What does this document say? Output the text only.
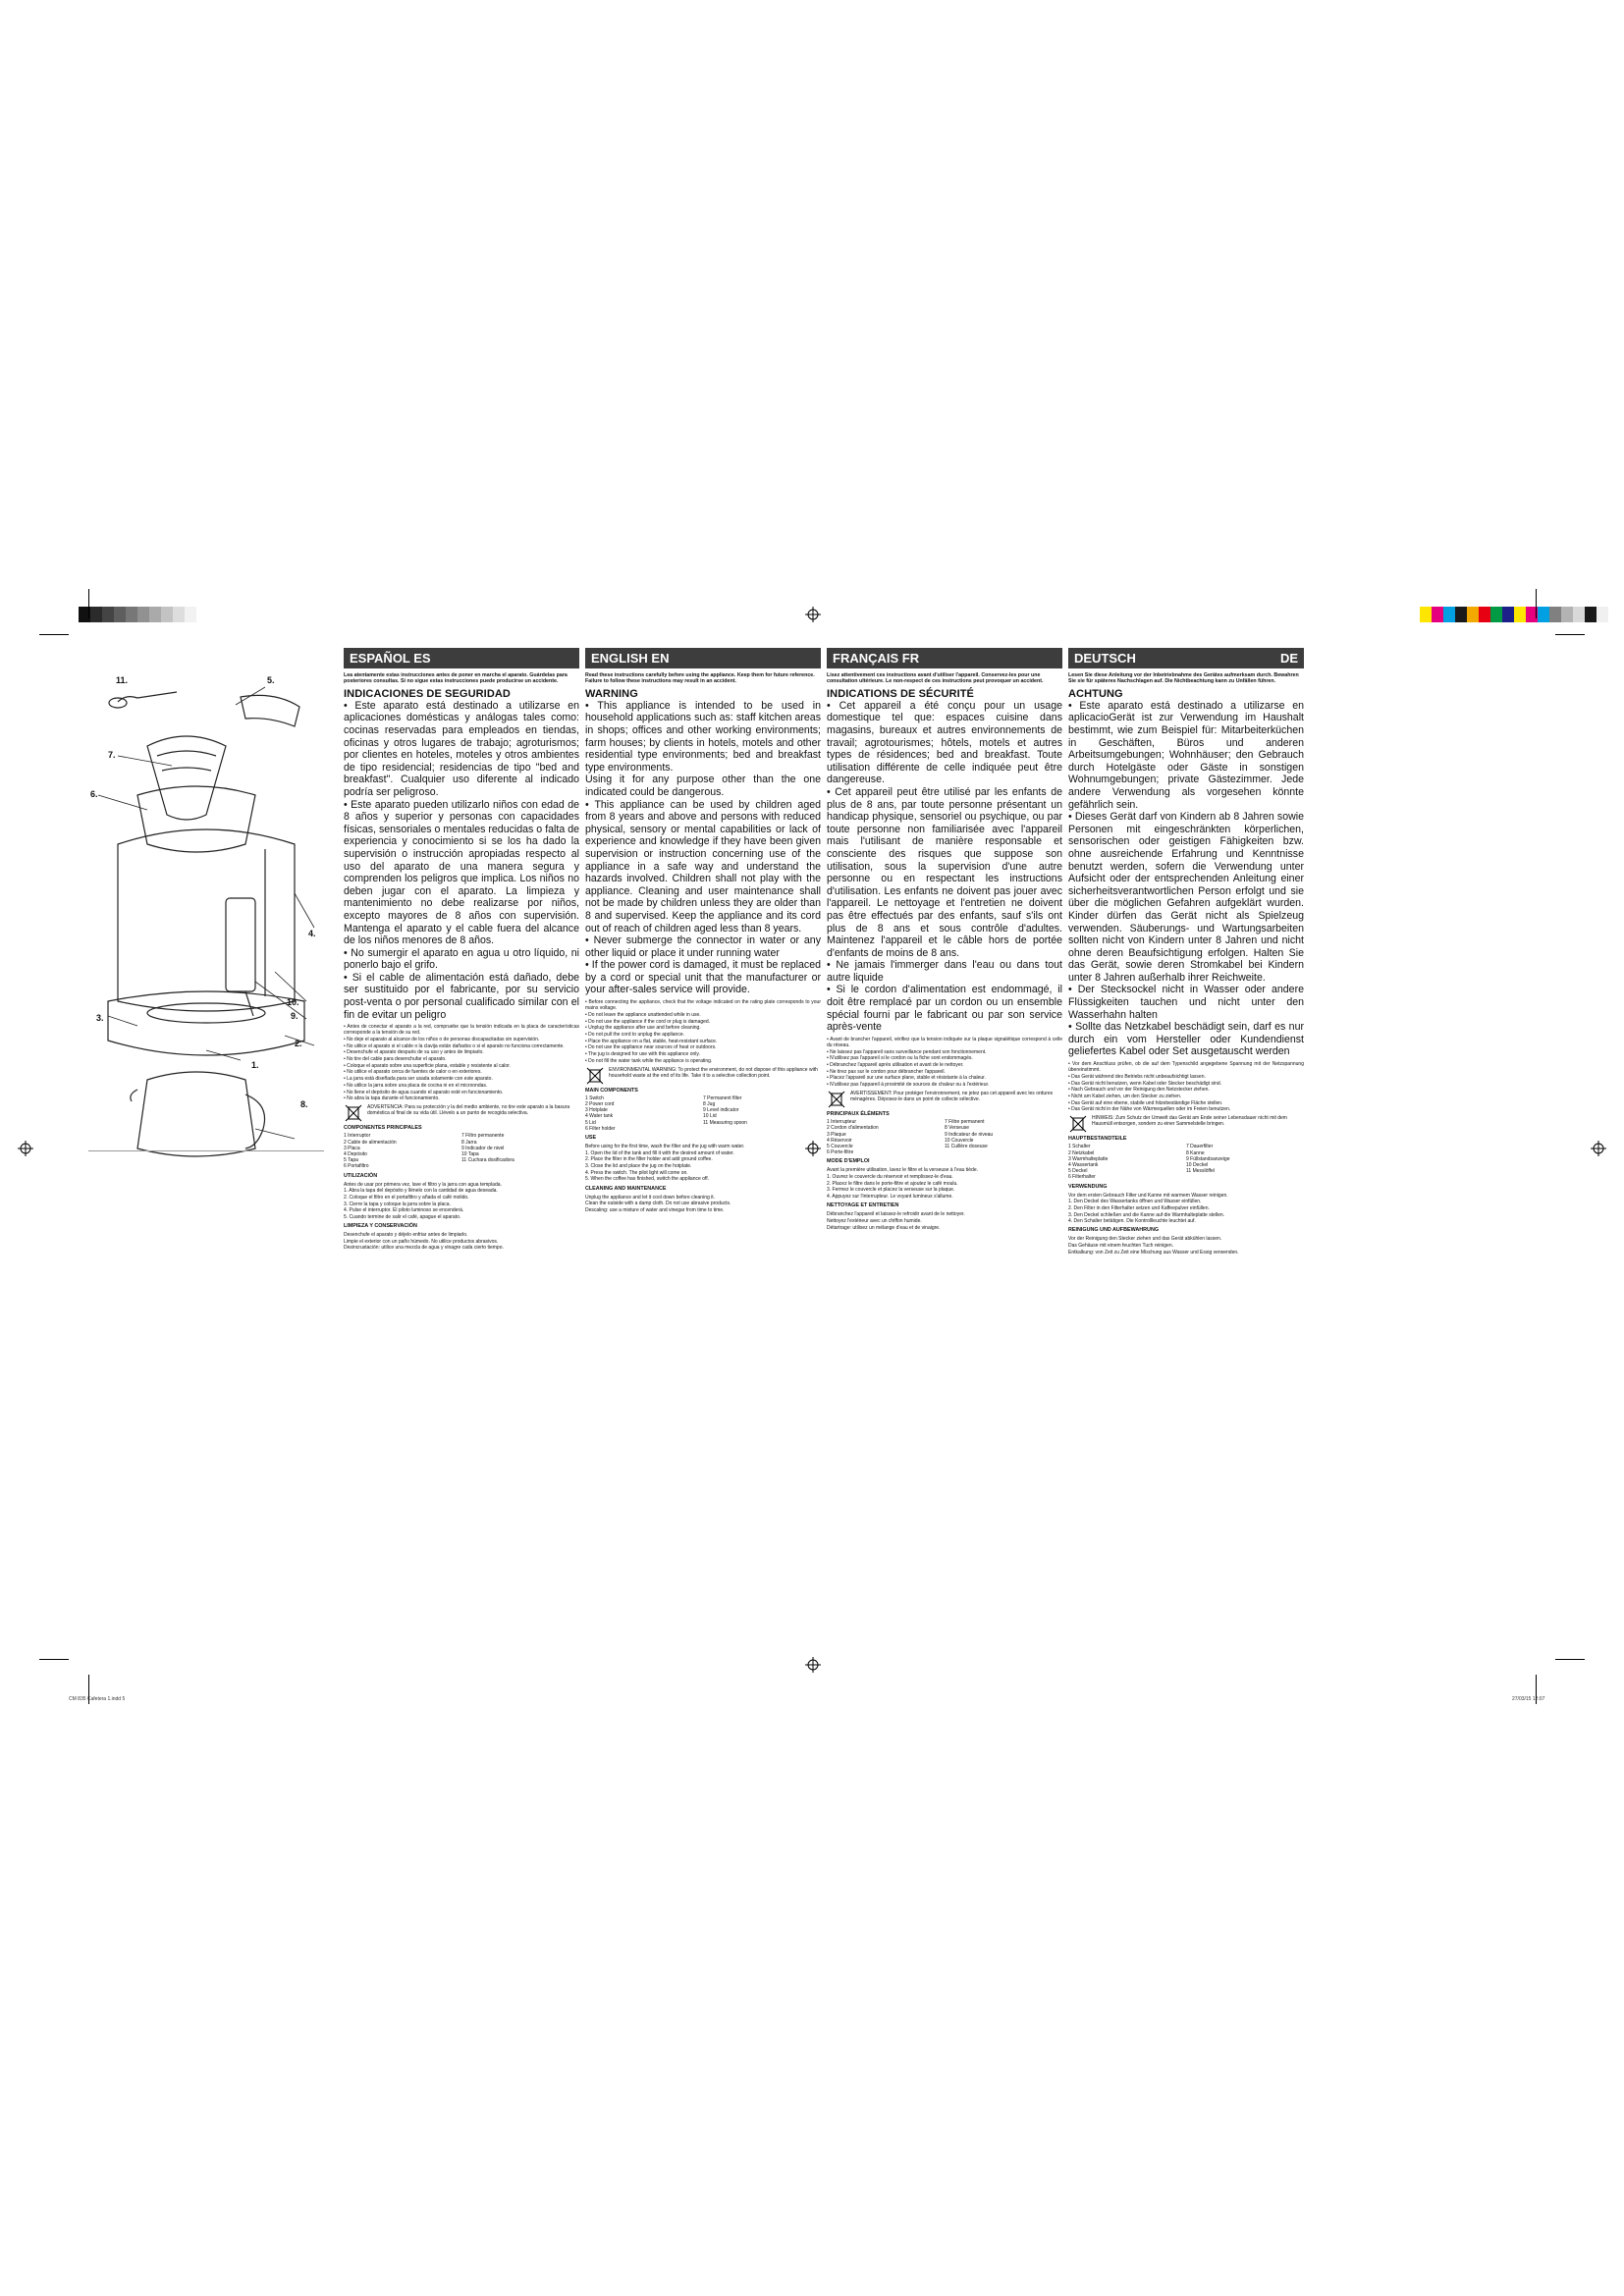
CM 835 Cafetera 1.indd 5	27/03/15 12:07
11.	5.
7.
6.
4.
10.
9.
2.
3.
1.
8.
ESPAÑOL ES
Lea atentamente estas instrucciones antes de poner en marcha el aparato. Guárdelas para posteriores consultas. Si no sigue estas instrucciones puede producirse un accidente.
INDICACIONES DE SEGURIDAD

• Este aparato está destinado a utilizarse en aplicaciones domésticas y análogas tales como: cocinas reservadas para empleados en tiendas, oficinas y otros lugares de trabajo; agroturismos; por clientes en hoteles, moteles y otros ambientes de tipo residencial; residencias de tipo "bed and breakfast". Cualquier uso diferente al indicado podría ser peligroso.

• Este aparato pueden utilizarlo niños con edad de 8 años y superior y personas con capacidades físicas, sensoriales o mentales reducidas o falta de experiencia y conocimiento si se los ha dado la supervisión o instrucción apropiadas respecto al uso del aparato de una manera segura y comprenden los peligros que implica. Los niños no deben jugar con el aparato. La limpieza y mantenimiento no debe realizarse por niños, excepto mayores de 8 años con supervisión. Mantenga el aparato y el cable fuera del alcance de los niños menores de 8 años.

• No sumergir el aparato en agua u otro líquido, ni ponerlo bajo el grifo.

• Si el cable de alimentación está dañado, debe ser sustituido por el fabricante, por su servicio post-venta o por personal cualificado similar con el fin de evitar un peligro

• Antes de conectar el aparato a la red, compruebe que la tensión indicada en la placa de características corresponde a la tensión de su red.

• No deje el aparato al alcance de los niños o de personas discapacitadas sin supervisión.

• No utilice el aparato si el cable o la clavija están dañados o si el aparato no funciona correctamente.

• Desenchufe el aparato después de su uso y antes de limpiarlo.

• No tire del cable para desenchufar el aparato.

• Coloque el aparato sobre una superficie plana, estable y resistente al calor.

• No utilice el aparato cerca de fuentes de calor o en exteriores.

• La jarra está diseñada para ser usada solamente con este aparato.

• No utilice la jarra sobre una placa de cocina ni en el microondas.

• No llene el depósito de agua cuando el aparato esté en funcionamiento.

• No abra la tapa durante el funcionamiento.

ADVERTENCIA: Para su protección y la del medio ambiente, no tire este aparato a la basura doméstica al final de su vida útil. Llévelo a un punto de recogida selectiva.
COMPONENTES PRINCIPALES
1 Interruptor	7 Filtro permanente
2 Cable de alimentación	8 Jarra
3 Placa	9 Indicador de nivel
4 Depósito	10 Tapa
5 Tapa	11 Cuchara dosificadora
6 Portafiltro
UTILIZACIÓN

Antes de usar por primera vez, lave el filtro y la jarra con agua templada.

1. Abra la tapa del depósito y llénelo con la cantidad de agua deseada.

2. Coloque el filtro en el portafiltro y añada el café molido.

3. Cierre la tapa y coloque la jarra sobre la placa.

4. Pulse el interruptor. El piloto luminoso se encenderá.

5. Cuando termine de salir el café, apague el aparato.

LIMPIEZA Y CONSERVACIÓN

Desenchufe el aparato y déjelo enfriar antes de limpiarlo.

Limpie el exterior con un paño húmedo. No utilice productos abrasivos.

Desincrustación: utilice una mezcla de agua y vinagre cada cierto tiempo.

ENGLISH EN
Read these instructions carefully before using the appliance. Keep them for future reference. Failure to follow these instructions may result in an accident.
WARNING

• This appliance is intended to be used in household applications such as: staff kitchen areas in shops; offices and other working environments; farm houses; by clients in hotels, motels and other residential type environments; bed and breakfast type environments.

Using it for any purpose other than the one indicated could be dangerous.

• This appliance can be used by children aged from 8 years and above and persons with reduced physical, sensory or mental capabilities or lack of experience and knowledge if they have been given supervision or instruction concerning use of the appliance in a safe way and understand the hazards involved. Children shall not play with the appliance. Cleaning and user maintenance shall not be made by children unless they are older than 8 and supervised. Keep the appliance and its cord out of reach of children aged less than 8 years.

• Never submerge the connector in water or any other liquid or place it under running water

• If the power cord is damaged, it must be replaced by a cord or special unit that the manufacturer or your after-sales service will provide.

• Before connecting the appliance, check that the voltage indicated on the rating plate corresponds to your mains voltage.

• Do not leave the appliance unattended while in use.

• Do not use the appliance if the cord or plug is damaged.

• Unplug the appliance after use and before cleaning.

• Do not pull the cord to unplug the appliance.

• Place the appliance on a flat, stable, heat-resistant surface.

• Do not use the appliance near sources of heat or outdoors.

• The jug is designed for use with this appliance only.

• Do not fill the water tank while the appliance is operating.

ENVIRONMENTAL WARNING: To protect the environment, do not dispose of this appliance with household waste at the end of its life. Take it to a selective collection point.
MAIN COMPONENTS
1 Switch	7 Permanent filter
2 Power cord	8 Jug
3 Hotplate	9 Level indicator
4 Water tank	10 Lid
5 Lid	11 Measuring spoon
6 Filter holder
USE

Before using for the first time, wash the filter and the jug with warm water.

1. Open the lid of the tank and fill it with the desired amount of water.

2. Place the filter in the filter holder and add ground coffee.

3. Close the lid and place the jug on the hotplate.

4. Press the switch. The pilot light will come on.

5. When the coffee has finished, switch the appliance off.

CLEANING AND MAINTENANCE

Unplug the appliance and let it cool down before cleaning it.

Clean the outside with a damp cloth. Do not use abrasive products.

Descaling: use a mixture of water and vinegar from time to time.

FRANÇAIS FR
Lisez attentivement ces instructions avant d'utiliser l'appareil. Conservez-les pour une consultation ultérieure. Le non-respect de ces instructions peut provoquer un accident.
INDICATIONS DE SÉCURITÉ

• Cet appareil a été conçu pour un usage domestique tel que: espaces cuisine dans magasins, bureaux et autres environnements de travail; agrotourismes; hôtels, motels et autres types de résidences; bed and breakfast. Toute utilisation différente de celle indiquée peut être dangereuse.

• Cet appareil peut être utilisé par les enfants de plus de 8 ans, par toute personne présentant un handicap physique, sensoriel ou psychique, ou par toute personne non familiarisée avec l'appareil mais l'utilisant de manière responsable et consciente des risques que suppose son utilisation, sous la supervision d'une autre personne ou en respectant les instructions d'utilisation. Les enfants ne doivent pas jouer avec l'appareil. Le nettoyage et l'entretien ne doivent pas être effectués par des enfants, sauf s'ils ont plus de 8 ans et sous contrôle d'adultes. Maintenez l'appareil et le câble hors de portée d'enfants de moins de 8 ans.

• Ne jamais l'immerger dans l'eau ou dans tout autre liquide

• Si le cordon d'alimentation est endommagé, il doit être remplacé par un cordon ou un ensemble spécial fourni par le fabricant ou par son service après-vente

• Avant de brancher l'appareil, vérifiez que la tension indiquée sur la plaque signalétique correspond à celle du réseau.

• Ne laissez pas l'appareil sans surveillance pendant son fonctionnement.

• N'utilisez pas l'appareil si le cordon ou la fiche sont endommagés.

• Débranchez l'appareil après utilisation et avant de le nettoyer.

• Ne tirez pas sur le cordon pour débrancher l'appareil.

• Placez l'appareil sur une surface plane, stable et résistante à la chaleur.

• N'utilisez pas l'appareil à proximité de sources de chaleur ou à l'extérieur.

AVERTISSEMENT: Pour protéger l'environnement, ne jetez pas cet appareil avec les ordures ménagères. Déposez-le dans un point de collecte sélective.
PRINCIPAUX ÉLÉMENTS
1 Interrupteur	7 Filtre permanent
2 Cordon d'alimentation	8 Verseuse
3 Plaque	9 Indicateur de niveau
4 Réservoir	10 Couvercle
5 Couvercle	11 Cuillère doseuse
6 Porte-filtre
MODE D'EMPLOI

Avant la première utilisation, lavez le filtre et la verseuse à l'eau tiède.

1. Ouvrez le couvercle du réservoir et remplissez-le d'eau.

2. Placez le filtre dans le porte-filtre et ajoutez le café moulu.

3. Fermez le couvercle et placez la verseuse sur la plaque.

4. Appuyez sur l'interrupteur. Le voyant lumineux s'allume.

NETTOYAGE ET ENTRETIEN

Débranchez l'appareil et laissez-le refroidir avant de le nettoyer.

Nettoyez l'extérieur avec un chiffon humide.

Détartrage: utilisez un mélange d'eau et de vinaigre.

DEUTSCH	DE
Lesen Sie diese Anleitung vor der Inbetriebnahme des Gerätes aufmerksam durch. Bewahren Sie sie für späteres Nachschlagen auf. Die Nichtbeachtung kann zu Unfällen führen.
ACHTUNG

• Este aparato está destinado a utilizarse en aplicacioGerät ist zur Verwendung im Haushalt bestimmt, wie zum Beispiel für: Mitarbeiterküchen in Geschäften, Büros und anderen Arbeitsumgebungen; Wohnhäuser; den Gebrauch durch Hotelgäste oder Gäste in sonstigen Wohnumgebungen; private Gästezimmer. Jede andere Verwendung als vorgesehen könnte gefährlich sein.

• Dieses Gerät darf von Kindern ab 8 Jahren sowie Personen mit eingeschränkten körperlichen, sensorischen oder geistigen Fähigkeiten bzw. ohne ausreichende Erfahrung und Kenntnisse benutzt werden, sofern die Verwendung unter Aufsicht oder der entsprechenden Anleitung einer sicherheitsverantwortlichen Person erfolgt und sie über die möglichen Gefahren aufgeklärt wurden. Kinder dürfen das Gerät nicht als Spielzeug verwenden. Säuberungs- und Wartungsarbeiten sollten nicht von Kindern unter 8 Jahren und nicht ohne deren Beaufsichtigung erfolgen. Halten Sie das Gerät, sowie deren Stromkabel bei Kindern unter 8 Jahren außerhalb ihrer Reichweite.

• Der Stecksockel nicht in Wasser oder andere Flüssigkeiten tauchen und nicht unter den Wasserhahn halten

• Sollte das Netzkabel beschädigt sein, darf es nur durch ein vom Hersteller oder Kundendienst geliefertes Kabel oder Set ausgetauscht werden

• Vor dem Anschluss prüfen, ob die auf dem Typenschild angegebene Spannung mit der Netzspannung übereinstimmt.

• Das Gerät während des Betriebs nicht unbeaufsichtigt lassen.

• Das Gerät nicht benutzen, wenn Kabel oder Stecker beschädigt sind.

• Nach Gebrauch und vor der Reinigung den Netzstecker ziehen.

• Nicht am Kabel ziehen, um den Stecker zu ziehen.

• Das Gerät auf eine ebene, stabile und hitzebeständige Fläche stellen.

• Das Gerät nicht in der Nähe von Wärmequellen oder im Freien benutzen.

HINWEIS: Zum Schutz der Umwelt das Gerät am Ende seiner Lebensdauer nicht mit dem Hausmüll entsorgen, sondern zu einer Sammelstelle bringen.
HAUPTBESTANDTEILE
1 Schalter	7 Dauerfilter
2 Netzkabel	8 Kanne
3 Warmhalteplatte	9 Füllstandsanzeige
4 Wassertank	10 Deckel
5 Deckel	11 Messlöffel
6 Filterhalter
VERWENDUNG

Vor dem ersten Gebrauch Filter und Kanne mit warmem Wasser reinigen.

1. Den Deckel des Wassertanks öffnen und Wasser einfüllen.

2. Den Filter in den Filterhalter setzen und Kaffeepulver einfüllen.

3. Den Deckel schließen und die Kanne auf die Warmhalteplatte stellen.

4. Den Schalter betätigen. Die Kontrollleuchte leuchtet auf.

REINIGUNG UND AUFBEWAHRUNG

Vor der Reinigung den Stecker ziehen und das Gerät abkühlen lassen.

Das Gehäuse mit einem feuchten Tuch reinigen.

Entkalkung: von Zeit zu Zeit eine Mischung aus Wasser und Essig verwenden.
